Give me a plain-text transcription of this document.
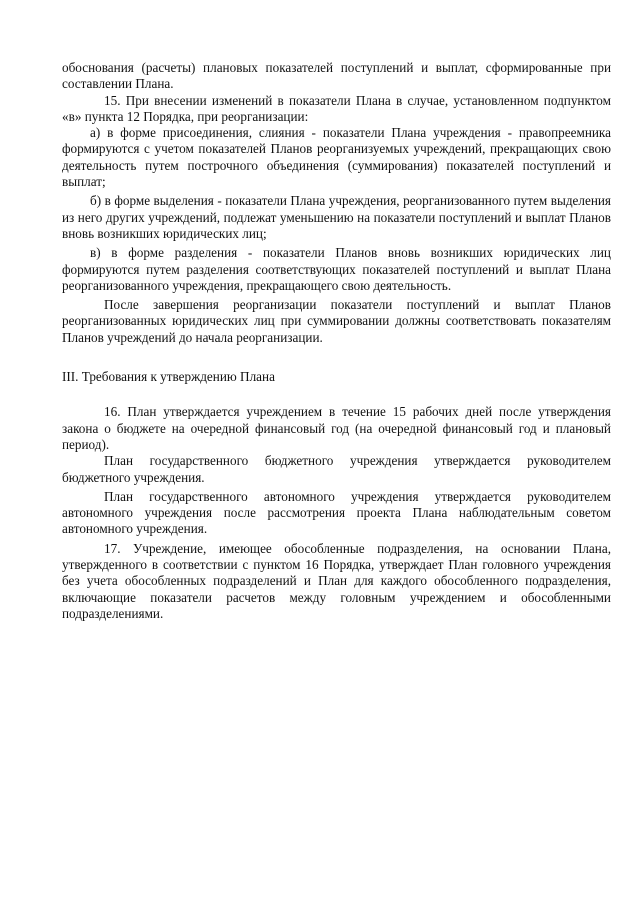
обоснования (расчеты) плановых показателей поступлений и выплат, сформированные при составлении Плана.

15. При внесении изменений в показатели Плана в случае, установленном подпунктом «в» пункта 12 Порядка, при реорганизации:

а) в форме присоединения, слияния - показатели Плана учреждения - правопреемника формируются с учетом показателей Планов реорганизуемых учреждений, прекращающих свою деятельность путем построчного объединения (суммирования) показателей поступлений и выплат;

б) в форме выделения - показатели Плана учреждения, реорганизованного путем выделения из него других учреждений, подлежат уменьшению на показатели поступлений и выплат Планов вновь возникших юридических лиц;

в) в форме разделения - показатели Планов вновь возникших юридических лиц формируются путем разделения соответствующих показателей поступлений и выплат Плана реорганизованного учреждения, прекращающего свою деятельность.

После завершения реорганизации показатели поступлений и выплат Планов реорганизованных юридических лиц при суммировании должны соответствовать показателям Планов учреждений до начала реорганизации.

III. Требования к утверждению Плана

16. План утверждается учреждением в течение 15 рабочих дней после утверждения закона о бюджете на очередной финансовый год (на очередной финансовый год и плановый период).

План государственного бюджетного учреждения утверждается руководителем бюджетного учреждения.

План государственного автономного учреждения утверждается руководителем автономного учреждения после рассмотрения проекта Плана наблюдательным советом автономного учреждения.

17. Учреждение, имеющее обособленные подразделения, на основании Плана, утвержденного в соответствии с пунктом 16 Порядка, утверждает План головного учреждения без учета обособленных подразделений и План для каждого обособленного подразделения, включающие показатели расчетов между головным учреждением и обособленными подразделениями.
